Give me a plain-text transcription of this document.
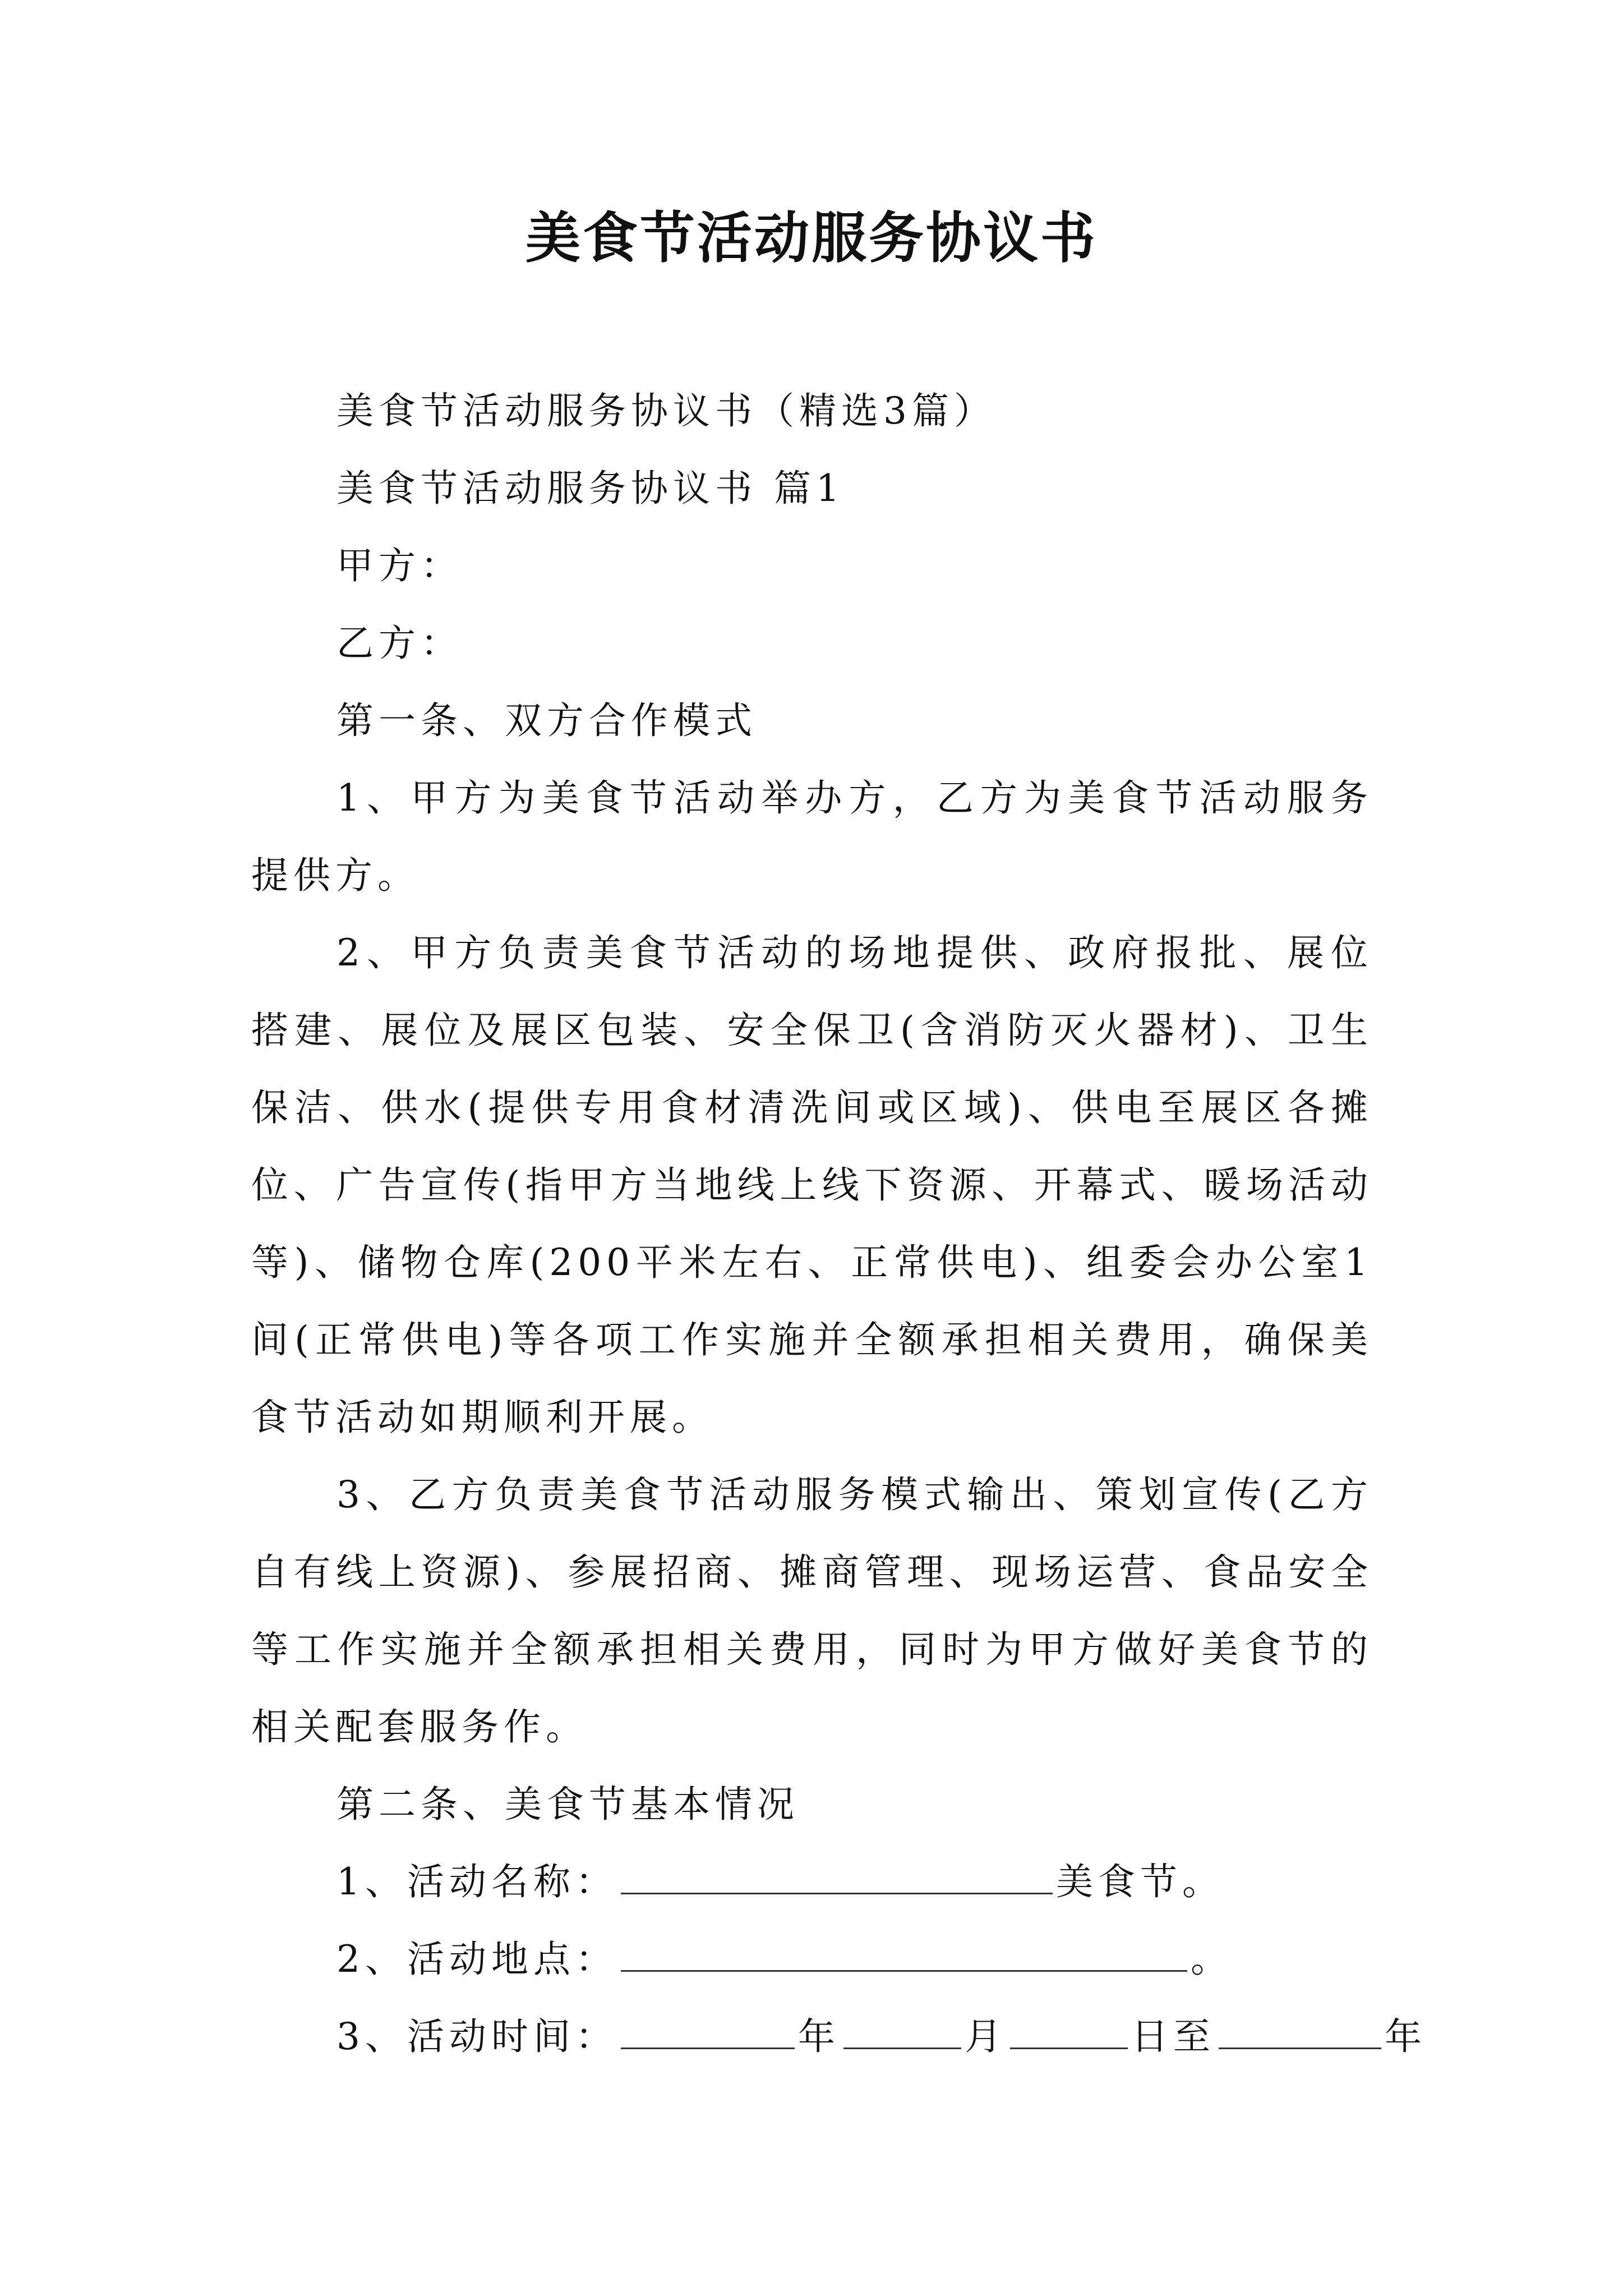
美食节活动服务协议书

美食节活动服务协议书（精选3篇）

美食节活动服务协议书 篇1

甲方：

乙方：

第一条、双方合作模式

1、甲方为美食节活动举办方，乙方为美食节活动服务提供方。

2、甲方负责美食节活动的场地提供、政府报批、展位搭建、展位及展区包装、安全保卫(含消防灭火器材)、卫生保洁、供水(提供专用食材清洗间或区域)、供电至展区各摊位、广告宣传(指甲方当地线上线下资源、开幕式、暖场活动等)、储物仓库(200平米左右、正常供电)、组委会办公室1间(正常供电)等各项工作实施并全额承担相关费用，确保美食节活动如期顺利开展。

3、乙方负责美食节活动服务模式输出、策划宣传(乙方自有线上资源)、参展招商、摊商管理、现场运营、食品安全等工作实施并全额承担相关费用，同时为甲方做好美食节的相关配套服务作。

第二条、美食节基本情况

1、活动名称：	美食节。

2、活动地点：	。

3、活动时间：	年	月	日至	年
